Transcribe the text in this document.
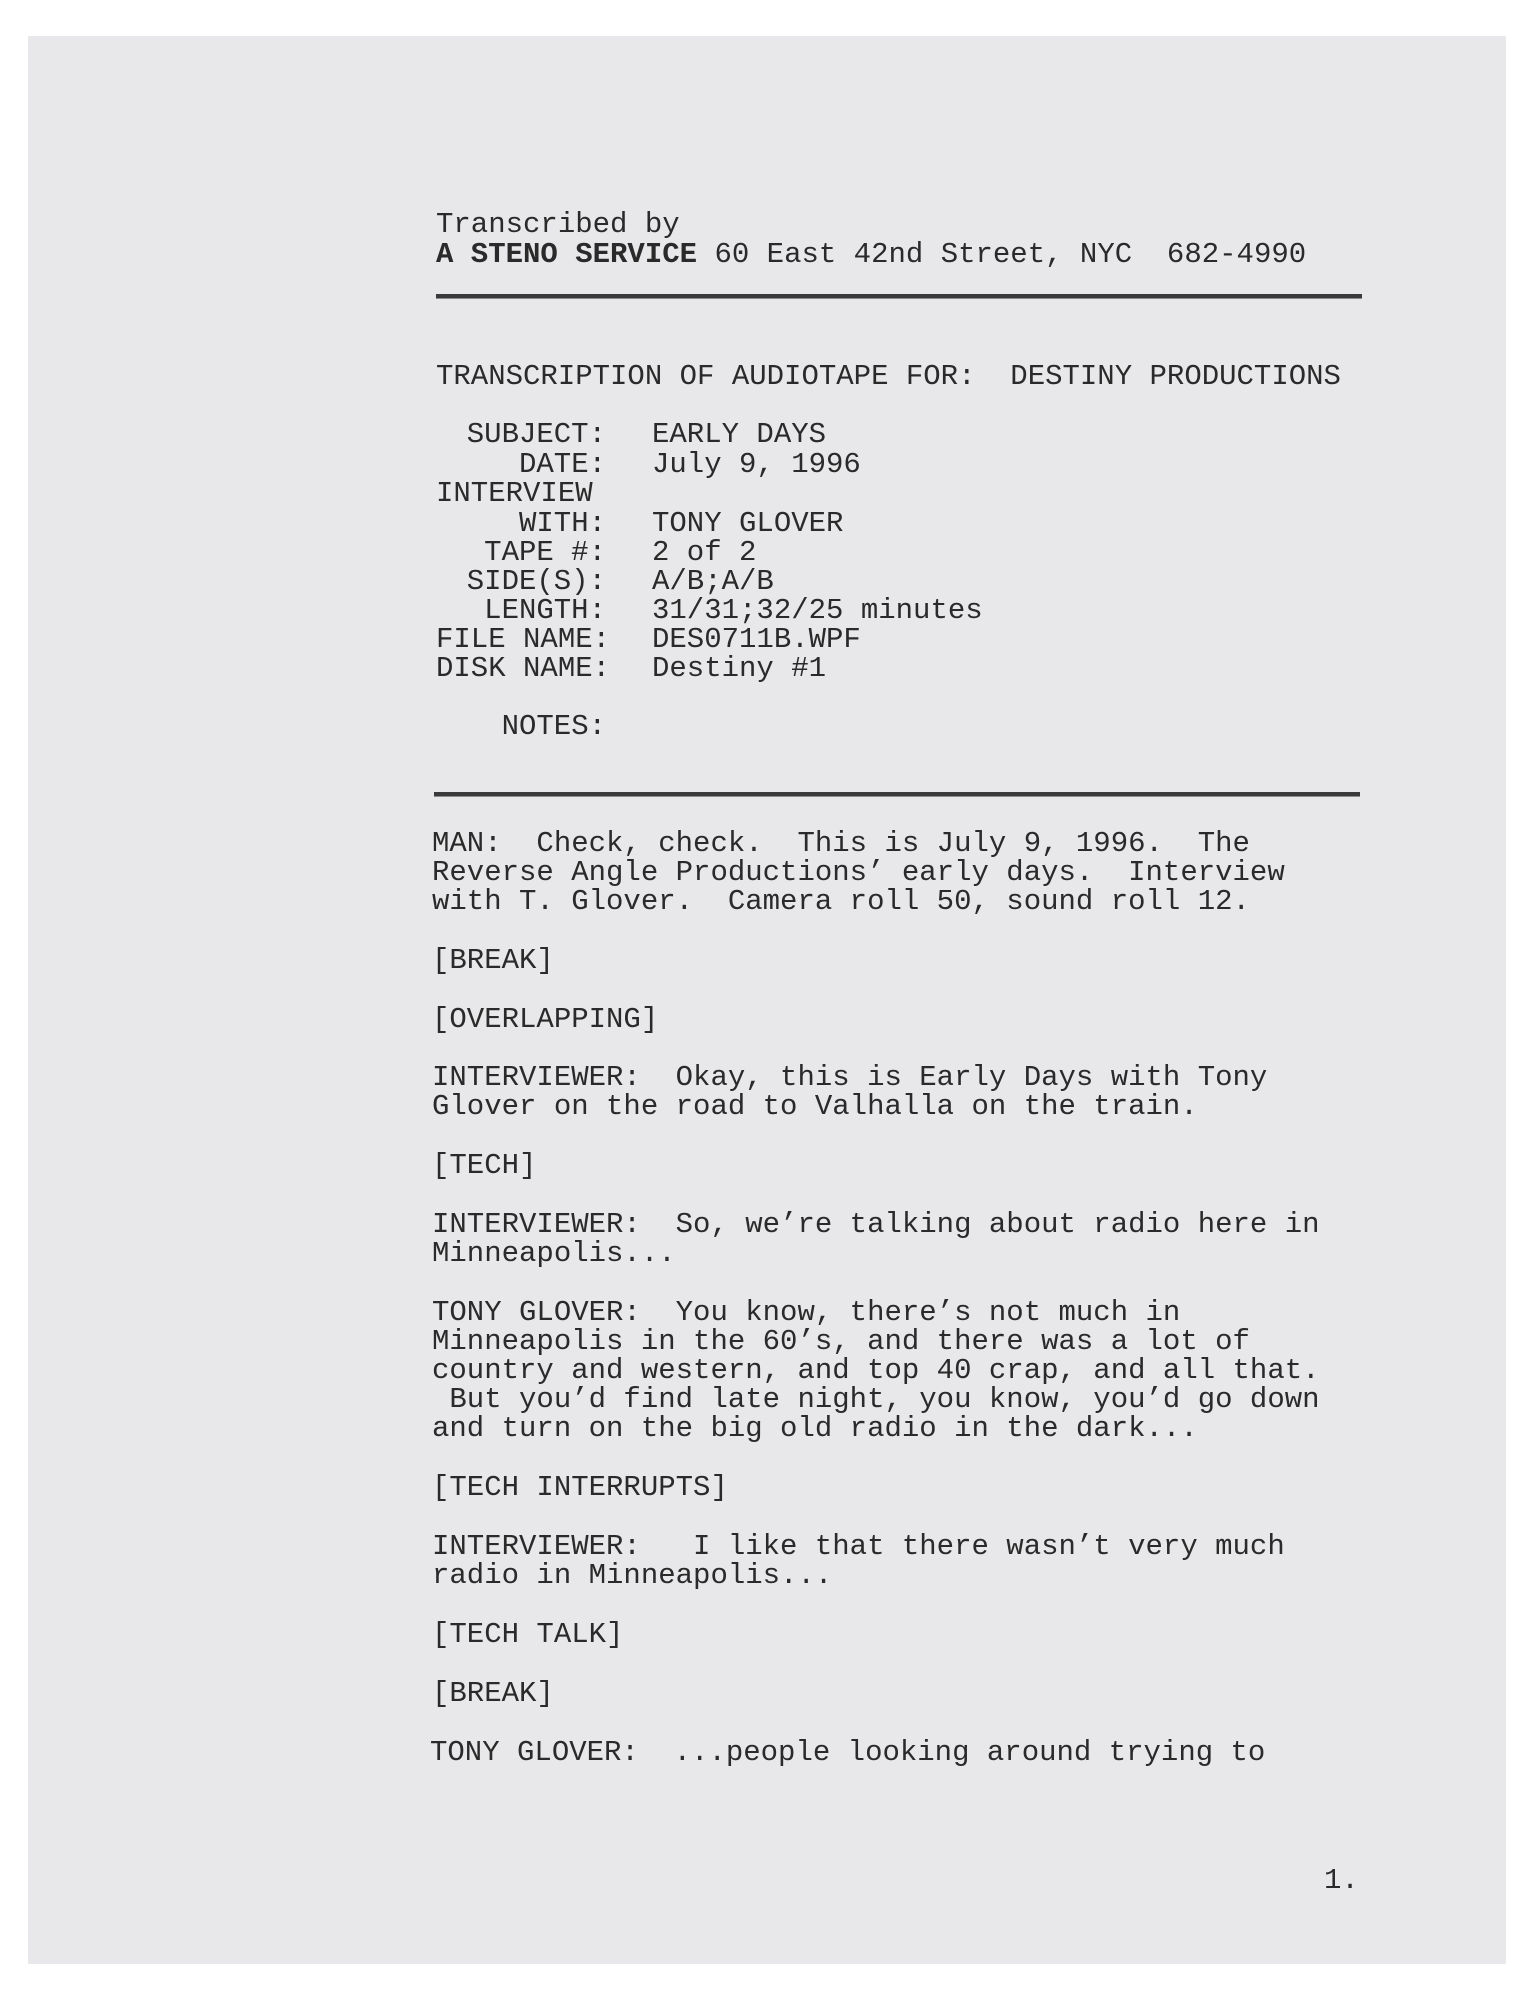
Transcribed by
A STENO SERVICE 60 East 42nd Street, NYC  682-4990
TRANSCRIPTION OF AUDIOTAPE FOR:  DESTINY PRODUCTIONS
SUBJECT: EARLY DAYS
DATE: July 9, 1996
INTERVIEW
WITH: TONY GLOVER
TAPE #: 2 of 2
SIDE(S): A/B;A/B
LENGTH: 31/31;32/25 minutes
FILE NAME: DES0711B.WPF
DISK NAME: Destiny #1
NOTES:
MAN:  Check, check.  This is July 9, 1996.  The
Reverse Angle Productions’ early days.  Interview
with T. Glover.  Camera roll 50, sound roll 12.
[BREAK]
[OVERLAPPING]
INTERVIEWER:  Okay, this is Early Days with Tony
Glover on the road to Valhalla on the train.
[TECH]
INTERVIEWER:  So, we’re talking about radio here in
Minneapolis...
TONY GLOVER:  You know, there’s not much in
Minneapolis in the 60’s, and there was a lot of
country and western, and top 40 crap, and all that.
But you’d find late night, you know, you’d go down
and turn on the big old radio in the dark...
[TECH INTERRUPTS]
INTERVIEWER:   I like that there wasn’t very much
radio in Minneapolis...
[TECH TALK]
[BREAK]
TONY GLOVER:  ...people looking around trying to
1.
